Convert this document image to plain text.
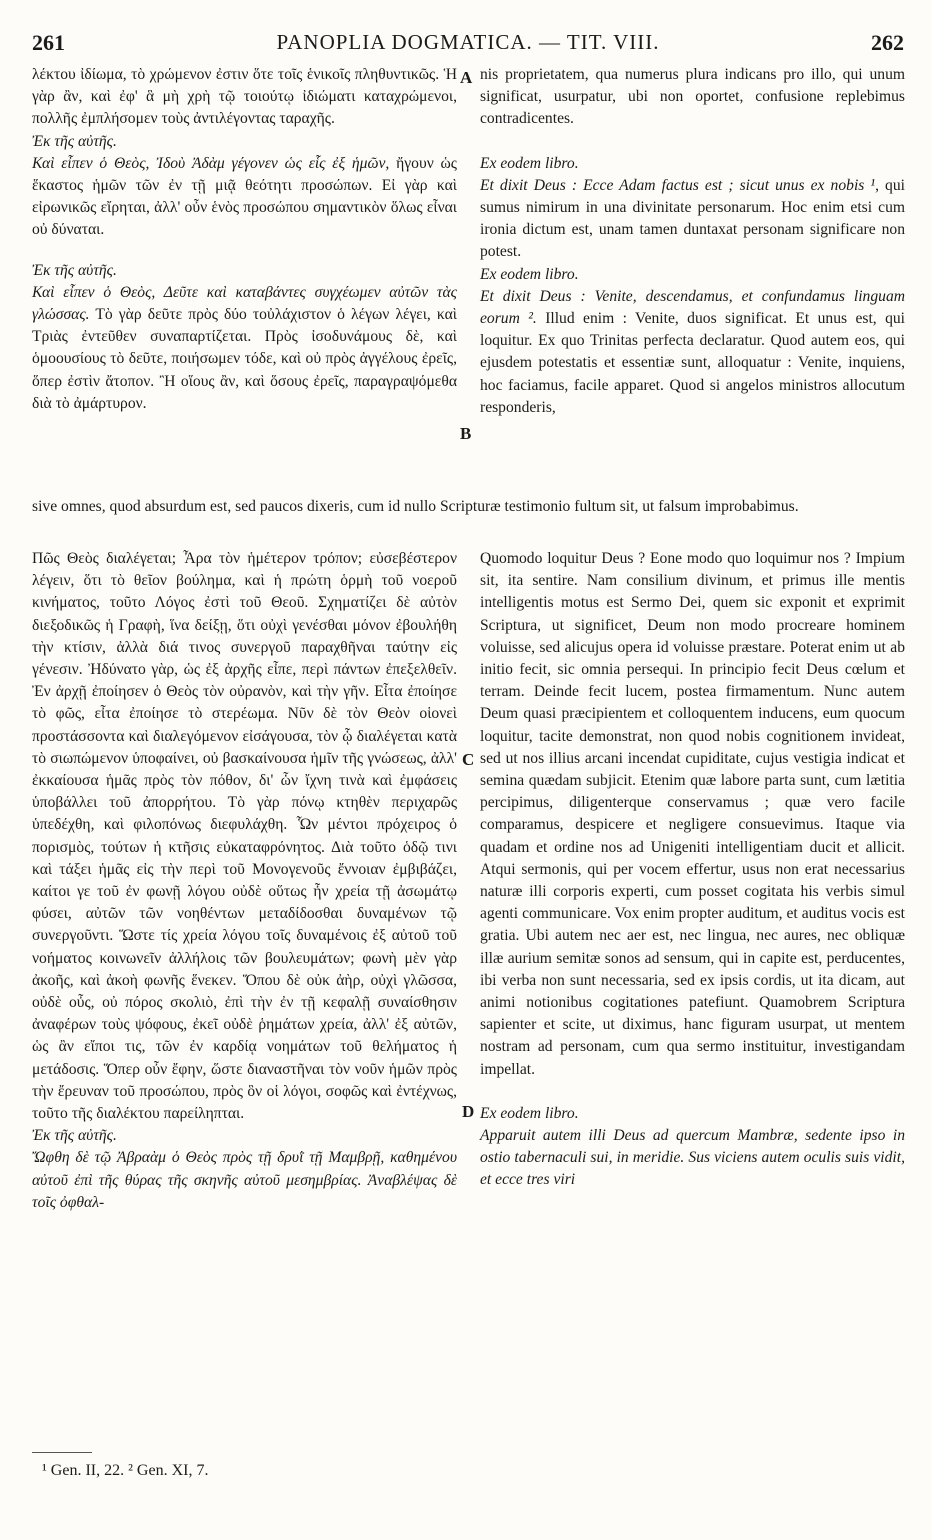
261	PANOPLIA DOGMATICA. — TIT. VIII.	262

λέκτου ἰδίωμα, τὸ χρώμενον ἐστιν ὅτε τοῖς ἑνικοῖς πληθυντικῶς. Ἡ γὰρ ἂν, καὶ ἐφ' ἃ μὴ χρὴ τῷ τοιούτῳ ἰδιώματι καταχρώμενοι, πολλῆς ἐμπλήσομεν τοὺς ἀντιλέγοντας ταραχῆς.

Ἐκ τῆς αὐτῆς.

Καὶ εἶπεν ὁ Θεὸς, Ἰδοὺ Ἀδὰμ γέγονεν ὡς εἷς ἐξ ἡμῶν, ἤγουν ὡς ἕκαστος ἡμῶν τῶν ἐν τῇ μιᾷ θεότητι προσώπων. Εἰ γὰρ καὶ εἰρωνικῶς εἴρηται, ἀλλ' οὖν ἑνὸς προσώπου σημαντικὸν ὅλως εἶναι οὐ δύναται.

Ἐκ τῆς αὐτῆς.

Καὶ εἶπεν ὁ Θεὸς, Δεῦτε καὶ καταβάντες συγχέωμεν αὐτῶν τὰς γλώσσας. Τὸ γὰρ δεῦτε πρὸς δύο τοὐλάχιστον ὁ λέγων λέγει, καὶ Τριὰς ἐντεῦθεν συναπαρτίζεται. Πρὸς ἰσοδυνάμους δὲ, καὶ ὁμοουσίους τὸ δεῦτε, ποιήσωμεν τόδε, καὶ οὐ πρὸς ἀγγέλους ἐρεῖς, ὅπερ ἐστὶν ἄτοπον. Ἢ οἵους ἂν, καὶ ὅσους ἐρεῖς, παραγραψόμεθα διὰ τὸ ἀμάρτυρον.

nis proprietatem, qua numerus plura indicans pro illo, qui unum significat, usurpatur, ubi non oportet, confusione replebimus contradicentes.

Ex eodem libro.

Et dixit Deus : Ecce Adam factus est ; sicut unus ex nobis ¹, qui sumus nimirum in una divinitate personarum. Hoc enim etsi cum ironia dictum est, unam tamen duntaxat personam significare non potest.

Ex eodem libro.

Et dixit Deus : Venite, descendamus, et confundamus linguam eorum ². Illud enim : Venite, duos significat. Et unus est, qui loquitur. Ex quo Trinitas perfecta declaratur. Quod autem eos, qui ejusdem potestatis et essentiæ sunt, alloquatur : Venite, inquiens, hoc faciamus, facile apparet. Quod si angelos ministros allocutum responderis,

sive omnes, quod absurdum est, sed paucos dixeris, cum id nullo Scripturæ testimonio fultum sit, ut falsum improbabimus.

Πῶς Θεὸς διαλέγεται; Ἆρα τὸν ἡμέτερον τρόπον; εὐσεβέστερον λέγειν, ὅτι τὸ θεῖον βούλημα, καὶ ἡ πρώτη ὁρμὴ τοῦ νοεροῦ κινήματος, τοῦτο Λόγος ἐστὶ τοῦ Θεοῦ. Σχηματίζει δὲ αὐτὸν διεξοδικῶς ἡ Γραφὴ, ἵνα δείξῃ, ὅτι οὐχὶ γενέσθαι μόνον ἐβουλήθη τὴν κτίσιν, ἀλλὰ διά τινος συνεργοῦ παραχθῆναι ταύτην εἰς γένεσιν. Ἠδύνατο γὰρ, ὡς ἐξ ἀρχῆς εἶπε, περὶ πάντων ἐπεξελθεῖν. Ἐν ἀρχῇ ἐποίησεν ὁ Θεὸς τὸν οὐρανὸν, καὶ τὴν γῆν. Εἶτα ἐποίησε τὸ φῶς, εἶτα ἐποίησε τὸ στερέωμα. Νῦν δὲ τὸν Θεὸν οἱονεὶ προστάσσοντα καὶ διαλεγόμενον εἰσάγουσα, τὸν ᾧ διαλέγεται κατὰ τὸ σιωπώμενον ὑποφαίνει, οὐ βασκαίνουσα ἡμῖν τῆς γνώσεως, ἀλλ' ἐκκαίουσα ἡμᾶς πρὸς τὸν πόθον, δι' ὧν ἴχνη τινὰ καὶ ἐμφάσεις ὑποβάλλει τοῦ ἀπορρήτου. Τὸ γὰρ πόνῳ κτηθὲν περιχαρῶς ὑπεδέχθη, καὶ φιλοπόνως διεφυλάχθη. Ὧν μέντοι πρόχειρος ὁ πορισμὸς, τούτων ἡ κτῆσις εὐκαταφρόνητος. Διὰ τοῦτο ὁδῷ τινι καὶ τάξει ἡμᾶς εἰς τὴν περὶ τοῦ Μονογενοῦς ἔννοιαν ἐμβιβάζει, καίτοι γε τοῦ ἐν φωνῇ λόγου οὐδὲ οὕτως ἦν χρεία τῇ ἀσωμάτῳ φύσει, αὐτῶν τῶν νοηθέντων μεταδίδοσθαι δυναμένων τῷ συνεργοῦντι. Ὥστε τίς χρεία λόγου τοῖς δυναμένοις ἐξ αὐτοῦ τοῦ νοήματος κοινωνεῖν ἀλλήλοις τῶν βουλευμάτων; φωνὴ μὲν γὰρ ἀκοῆς, καὶ ἀκοὴ φωνῆς ἕνεκεν. Ὅπου δὲ οὐκ ἀὴρ, οὐχὶ γλῶσσα, οὐδὲ οὖς, οὐ πόρος σκολιὸ, ἐπὶ τὴν ἐν τῇ κεφαλῇ συναίσθησιν ἀναφέρων τοὺς ψόφους, ἐκεῖ οὐδὲ ῥημάτων χρεία, ἀλλ' ἐξ αὐτῶν, ὡς ἂν εἴποι τις, τῶν ἐν καρδίᾳ νοημάτων τοῦ θελήματος ἡ μετάδοσις. Ὅπερ οὖν ἔφην, ὥστε διαναστῆναι τὸν νοῦν ἡμῶν πρὸς τὴν ἔρευναν τοῦ προσώπου, πρὸς ὃν οἱ λόγοι, σοφῶς καὶ ἐντέχνως, τοῦτο τῆς διαλέκτου παρείληπται.

Ἐκ τῆς αὐτῆς.

Ὤφθη δὲ τῷ Ἀβραὰμ ὁ Θεὸς πρὸς τῇ δρυῒ τῇ Μαμβρῇ, καθημένου αὐτοῦ ἐπὶ τῆς θύρας τῆς σκηνῆς αὐτοῦ μεσημβρίας. Ἀναβλέψας δὲ τοῖς ὀφθαλ-

Quomodo loquitur Deus ? Eone modo quo loquimur nos ? Impium sit, ita sentire. Nam consilium divinum, et primus ille mentis intelligentis motus est Sermo Dei, quem sic exponit et exprimit Scriptura, ut significet, Deum non modo procreare hominem voluisse, sed alicujus opera id voluisse præstare. Poterat enim ut ab initio fecit, sic omnia persequi. In principio fecit Deus cœlum et terram. Deinde fecit lucem, postea firmamentum. Nunc autem Deum quasi præcipientem et colloquentem inducens, eum quocum loquitur, tacite demonstrat, non quod nobis cognitionem invideat, sed ut nos illius arcani incendat cupiditate, cujus vestigia indicat et semina quædam subjicit. Etenim quæ labore parta sunt, cum lætitia percipimus, diligenterque conservamus ; quæ vero facile comparamus, despicere et negligere consuevimus. Itaque via quadam et ordine nos ad Unigeniti intelligentiam ducit et allicit. Atqui sermonis, qui per vocem effertur, usus non erat necessarius naturæ illi corporis experti, cum posset cogitata his verbis simul agenti communicare. Vox enim propter auditum, et auditus vocis est gratia. Ubi autem nec aer est, nec lingua, nec aures, nec obliquæ illæ aurium semitæ sonos ad sensum, qui in capite est, perducentes, ibi verba non sunt necessaria, sed ex ipsis cordis, ut ita dicam, aut animi notionibus cogitationes patefiunt. Quamobrem Scriptura sapienter et scite, ut diximus, hanc figuram usurpat, ut mentem nostram ad personam, cum qua sermo instituitur, investigandam impellat.

Ex eodem libro.

Apparuit autem illi Deus ad quercum Mambræ, sedente ipso in ostio tabernaculi sui, in meridie. Sus viciens autem oculis suis vidit, et ecce tres viri

A
B
C
D
¹ Gen. II, 22. ² Gen. XI, 7.
